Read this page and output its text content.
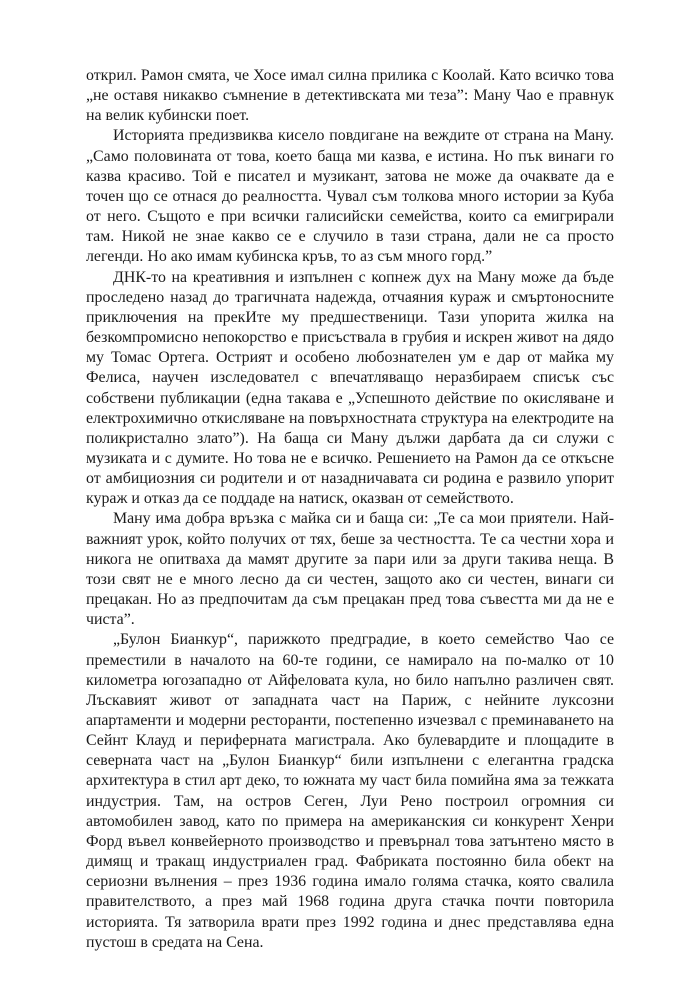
открил. Рамон смята, че Хосе имал силна прилика с Коолай. Като всичко това „не оставя никакво съмнение в детективската ми теза”: Ману Чао е правнук на велик кубински поет.

Историята предизвиква кисело повдигане на веждите от страна на Ману. „Само половината от това, което баща ми казва, е истина. Но пък винаги го казва красиво. Той е писател и музикант, затова не може да очаквате да е точен що се отнася до реалността. Чувал съм толкова много истории за Куба от него. Същото е при всички галисийски семейства, които са емигрирали там. Никой не знае какво се е случило в тази страна, дали не са просто легенди. Но ако имам кубинска кръв, то аз съм много горд.”

ДНК-то на креативния и изпълнен с копнеж дух на Ману може да бъде проследено назад до трагичната надежда, отчаяния кураж и смъртоносните приключения на прекИте му предшественици. Тази упорита жилка на безкомпромисно непокорство е присъствала в грубия и искрен живот на дядо му Томас Ортега. Острият и особено любознателен ум е дар от майка му Фелиса, научен изследовател с впечатляващо неразбираем списък със собствени публикации (една такава е „Успешното действие по окисляване и електрохимично откисляване на повърхностната структура на електродите на поликристално злато”). На баща си Ману дължи дарбата да си служи с музиката и с думите. Но това не е всичко. Решението на Рамон да се откъсне от амбициозния си родители и от назадничавата си родина е развило упорит кураж и отказ да се поддаде на натиск, оказван от семейството.

Ману има добра връзка с майка си и баща си: „Те са мои приятели. Най-важният урок, който получих от тях, беше за честността. Те са честни хора и никога не опитваха да мамят другите за пари или за други такива неща. В този свят не е много лесно да си честен, защото ако си честен, винаги си прецакан. Но аз предпочитам да съм прецакан пред това съвестта ми да не е чиста”.

„Булон Бианкур“, парижкото предградие, в което семейство Чао се преместили в началото на 60-те години, се намирало на по-малко от 10 километра югозападно от Айфеловата кула, но било напълно различен свят. Лъскавият живот от западната част на Париж, с нейните луксозни апартаменти и модерни ресторанти, постепенно изчезвал с преминаването на Сейнт Клауд и периферната магистрала. Ако булевардите и площадите в северната част на „Булон Бианкур“ били изпълнени с елегантна градска архитектура в стил арт деко, то южната му част била помийна яма за тежката индустрия. Там, на остров Сеген, Луи Рено построил огромния си автомобилен завод, като по примера на американския си конкурент Хенри Форд въвел конвейерното производство и превърнал това затънтено място в димящ и тракащ индустриален град. Фабриката постоянно била обект на сериозни вълнения – през 1936 година имало голяма стачка, която свалила правителството, а през май 1968 година друга стачка почти повторила историята. Тя затворила врати през 1992 година и днес представлява една пустош в средата на Сена.
